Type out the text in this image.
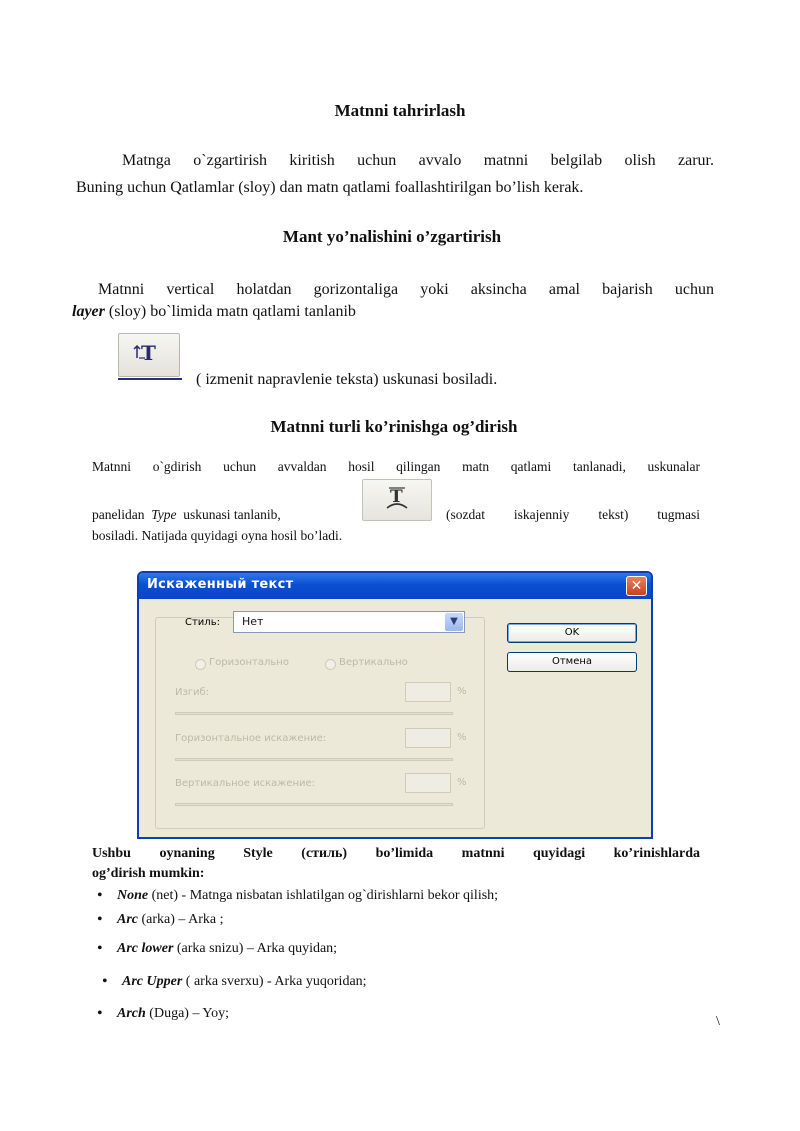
Matnni tahrirlash
Matnga o`zgartirish kiritish uchun avvalo matnni belgilab olish zarur.
Buning uchun Qatlamlar (sloy) dan matn qatlami foallashtirilgan bo’lish kerak.
Mant yo’nalishini o’zgartirish
Matnni vertical holatdan gorizontaliga yoki aksincha amal bajarish uchun
layer (sloy) bo`limida matn qatlami tanlanib
T
( izmenit napravlenie teksta) uskunasi bosiladi.
Matnni turli ko’rinishga og’dirish
Matnni o`gdirish uchun avvaldan hosil qilingan matn qatlami tanlanadi, uskunalar
panelidan Type uskunasi tanlanib,
T
(sozdat iskajenniy tekst) tugmasi
bosiladi. Natijada quyidagi oyna hosil bo’ladi.
Искаженный текст	✕
Стиль: Нет	▼
OK
Отмена
Горизонтально	Вертикально
Изгиб:	%
Горизонтальное искажение:	%
Вертикальное искажение:	%
Ushbu oynaning Style (стиль) bo’limida matnni quyidagi ko’rinishlarda
og’dirish mumkin:
• None (net) - Matnga nisbatan ishlatilgan og`dirishlarni bekor qilish;
• Arc (arka) – Arka ;
• Arc lower (arka snizu) – Arka quyidan;
• Arc Upper ( arka sverxu) - Arka yuqoridan;
• Arch (Duga) – Yoy;
\
